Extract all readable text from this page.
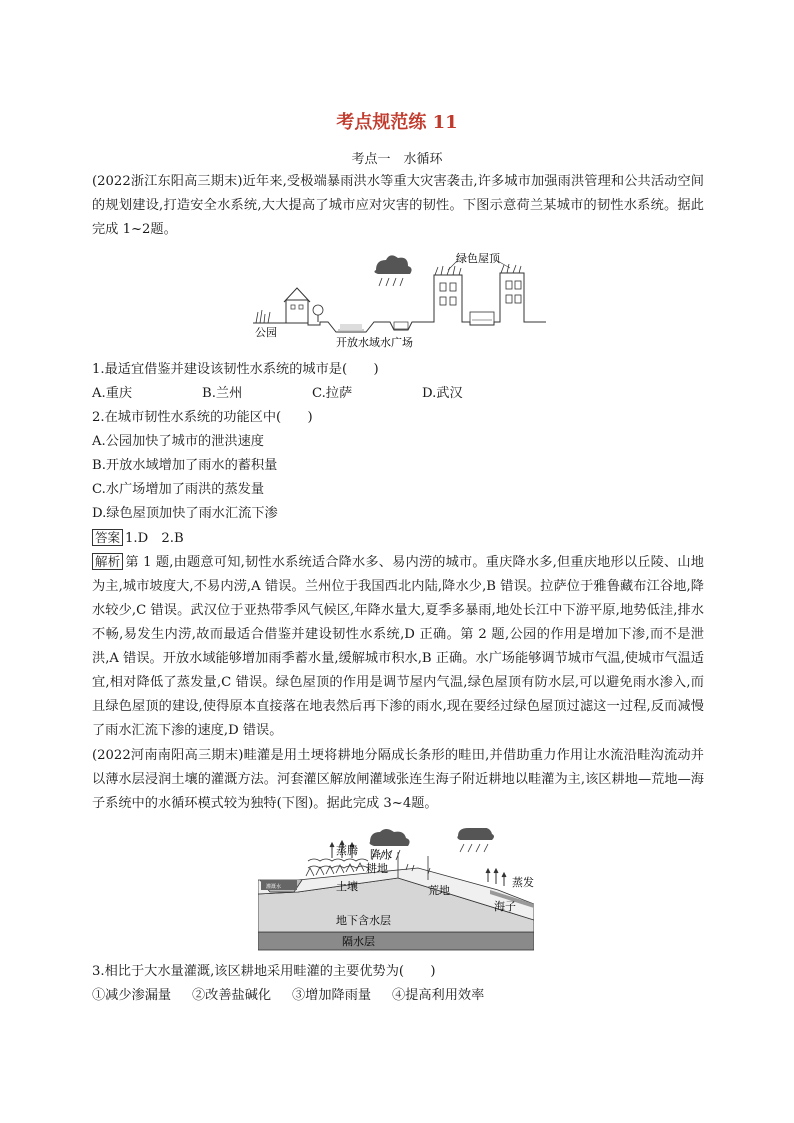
考点规范练 11
考点一　水循环

(2022浙江东阳高三期末)近年来,受极端暴雨洪水等重大灾害袭击,许多城市加强雨洪管理和公共活动空间的规划建设,打造安全水系统,大大提高了城市应对灾害的韧性。下图示意荷兰某城市的韧性水系统。据此完成 1~2题。

绿色屋顶
公园
开放水域 水广场
1.最适宜借鉴并建设该韧性水系统的城市是(　　)
A.重庆	B.兰州	C.拉萨	D.武汉
2.在城市韧性水系统的功能区中(　　)
A.公园加快了城市的泄洪速度
B.开放水域增加了雨水的蓄积量
C.水广场增加了雨洪的蒸发量
D.绿色屋顶加快了雨水汇流下渗
答案 1.D　2.B

解析 第 1 题,由题意可知,韧性水系统适合降水多、易内涝的城市。重庆降水多,但重庆地形以丘陵、山地为主,城市坡度大,不易内涝,A 错误。兰州位于我国西北内陆,降水少,B 错误。拉萨位于雅鲁藏布江谷地,降水较少,C 错误。武汉位于亚热带季风气候区,年降水量大,夏季多暴雨,地处长江中下游平原,地势低洼,排水不畅,易发生内涝,故而最适合借鉴并建设韧性水系统,D 正确。第 2 题,公园的作用是增加下渗,而不是泄洪,A 错误。开放水域能够增加雨季蓄水量,缓解城市积水,B 正确。水广场能够调节城市气温,使城市气温适宜,相对降低了蒸发量,C 错误。绿色屋顶的作用是调节屋内气温,绿色屋顶有防水层,可以避免雨水渗入,而且绿色屋顶的建设,使得原本直接落在地表然后再下渗的雨水,现在要经过绿色屋顶过滤这一过程,反而减慢了雨水汇流下渗的速度,D 错误。

(2022河南南阳高三期末)畦灌是用土埂将耕地分隔成长条形的畦田,并借助重力作用让水流沿畦沟流动并以薄水层浸润土壤的灌溉方法。河套灌区解放闸灌域张连生海子附近耕地以畦灌为主,该区耕地—荒地—海子系统中的水循环模式较为独特(下图)。据此完成 3~4题。

灌溉水
蒸腾 降水
耕地
土壤	荒地
蒸发
海子
地下含水层
隔水层
3.相比于大水量灌溉,该区耕地采用畦灌的主要优势为(　　)
①减少渗漏量 ②改善盐碱化 ③增加降雨量 ④提高利用效率
